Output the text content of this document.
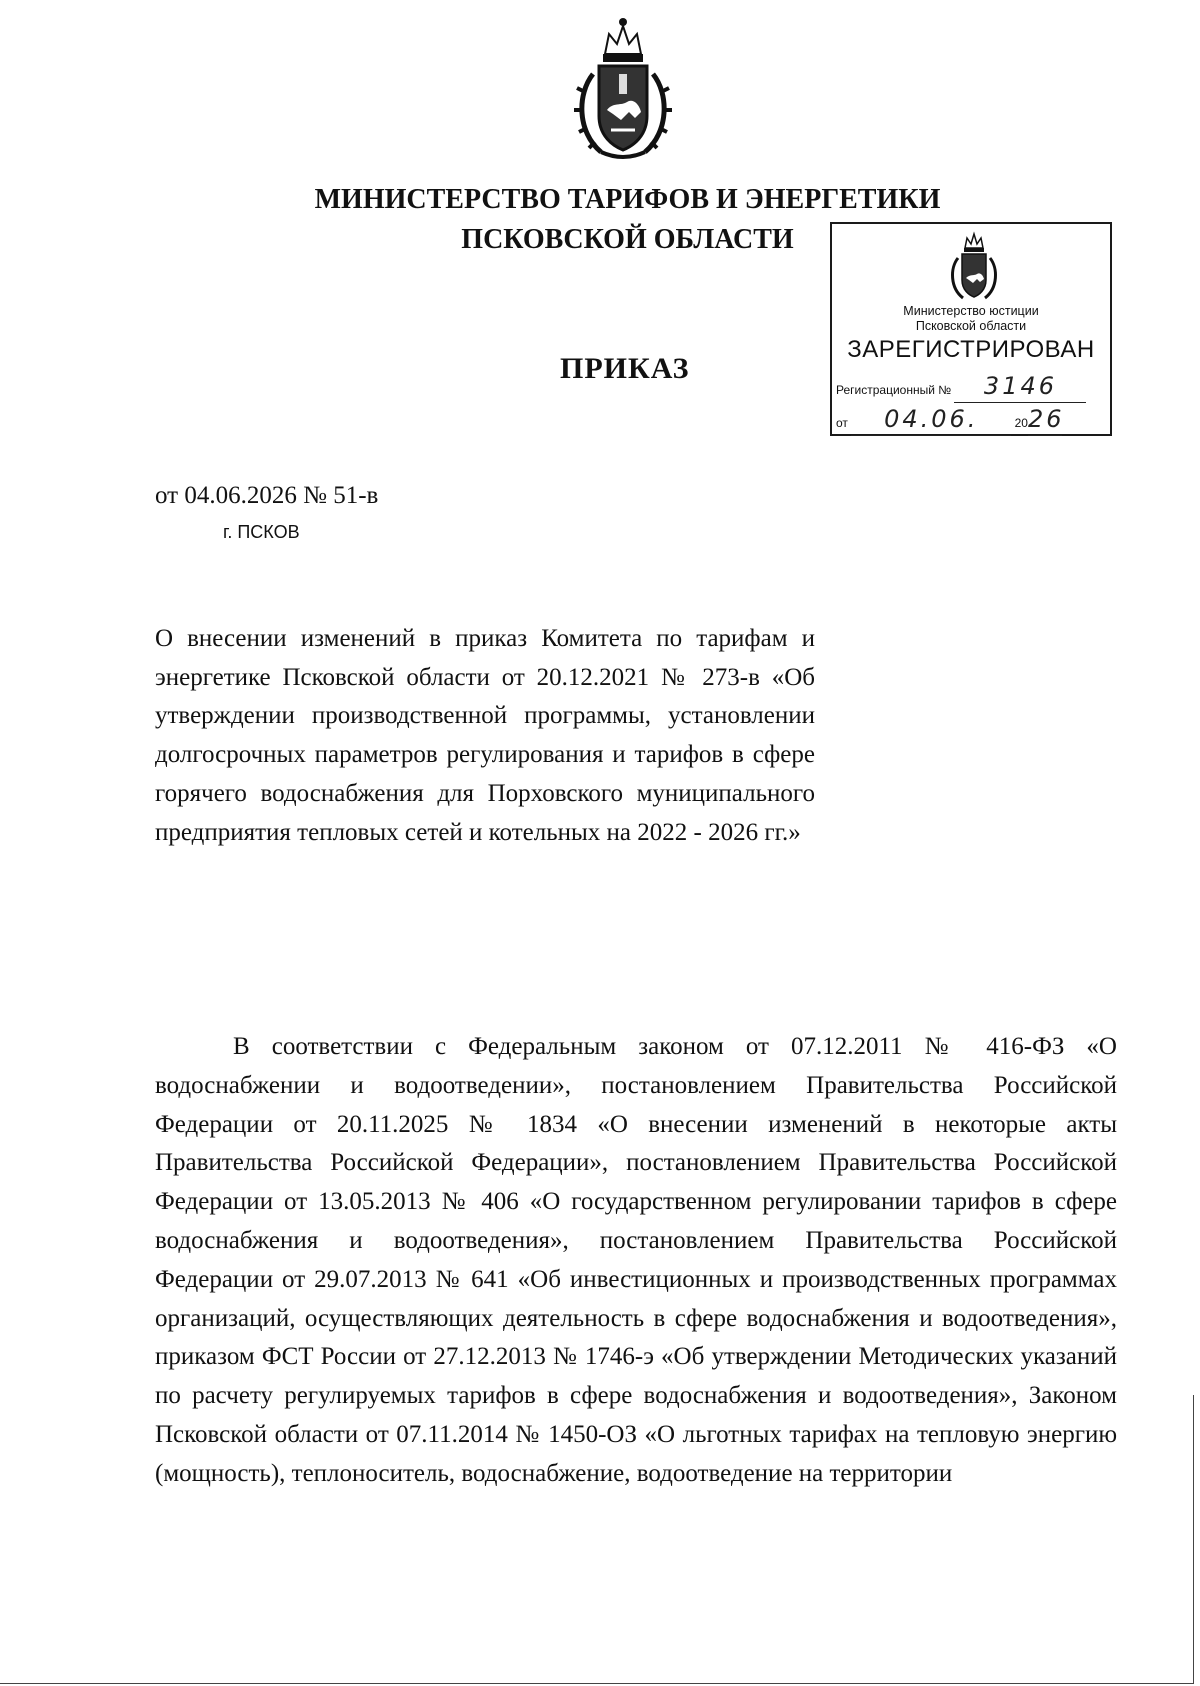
МИНИСТЕРСТВО ТАРИФОВ И ЭНЕРГЕТИКИ
ПСКОВСКОЙ ОБЛАСТИ
ПРИКАЗ
Министерство юстиции
Псковской области
ЗАРЕГИСТРИРОВАН
Регистрационный № 3146
от 04.06.	2026
от 04.06.2026 № 51-в
г. ПСКОВ
О внесении изменений в приказ Комитета по тарифам и энергетике Псковской области от 20.12.2021 № 273-в «Об утверждении производственной программы, установлении долгосрочных параметров регулирования и тарифов в сфере горячего водоснабжения для Порховского муниципального предприятия тепловых сетей и котельных на 2022 - 2026 гг.»
В соответствии с Федеральным законом от 07.12.2011 № 416-ФЗ «О водоснабжении и водоотведении», постановлением Правительства Российской Федерации от 20.11.2025 № 1834 «О внесении изменений в некоторые акты Правительства Российской Федерации», постановлением Правительства Российской Федерации от 13.05.2013 № 406 «О государственном регулировании тарифов в сфере водоснабжения и водоотведения», постановлением Правительства Российской Федерации от 29.07.2013 № 641 «Об инвестиционных и производственных программах организаций, осуществляющих деятельность в сфере водоснабжения и водоотведения», приказом ФСТ России от 27.12.2013 № 1746-э «Об утверждении Методических указаний по расчету регулируемых тарифов в сфере водоснабжения и водоотведения», Законом Псковской области от 07.11.2014 № 1450-ОЗ «О льготных тарифах на тепловую энергию (мощность), теплоноситель, водоснабжение, водоотведение на территории
